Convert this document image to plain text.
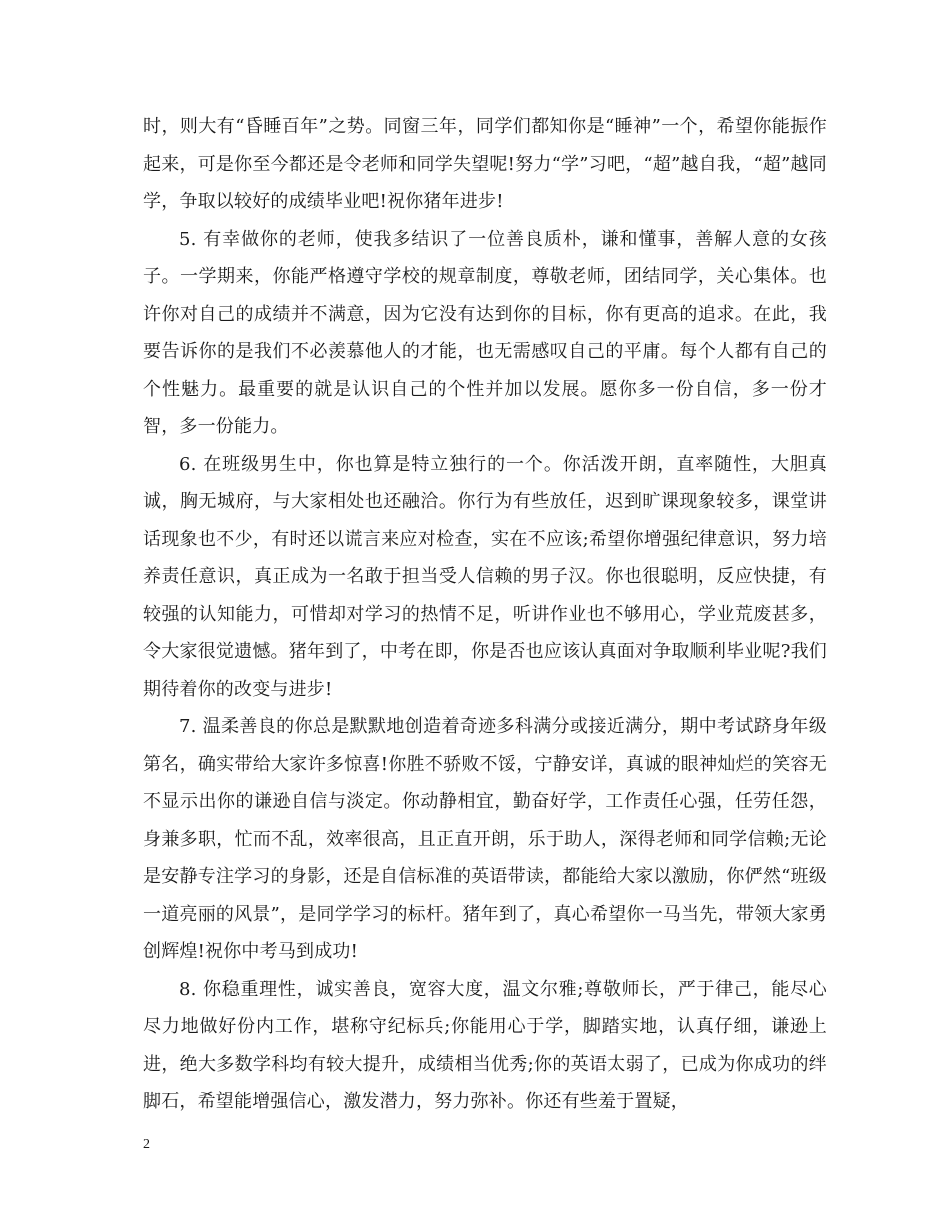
时，则大有“昏睡百年”之势。同窗三年，同学们都知你是“睡神”一个，希望你能振作起来，可是你至今都还是令老师和同学失望呢!努力“学”习吧，“超”越自我，“超”越同学，争取以较好的成绩毕业吧!祝你猪年进步!

5. 有幸做你的老师，使我多结识了一位善良质朴，谦和懂事，善解人意的女孩子。一学期来，你能严格遵守学校的规章制度，尊敬老师，团结同学，关心集体。也许你对自己的成绩并不满意，因为它没有达到你的目标，你有更高的追求。在此，我要告诉你的是我们不必羡慕他人的才能，也无需感叹自己的平庸。每个人都有自己的个性魅力。最重要的就是认识自己的个性并加以发展。愿你多一份自信，多一份才智，多一份能力。

6. 在班级男生中，你也算是特立独行的一个。你活泼开朗，直率随性，大胆真诚，胸无城府，与大家相处也还融洽。你行为有些放任，迟到旷课现象较多，课堂讲话现象也不少，有时还以谎言来应对检查，实在不应该;希望你增强纪律意识，努力培养责任意识，真正成为一名敢于担当受人信赖的男子汉。你也很聪明，反应快捷，有较强的认知能力，可惜却对学习的热情不足，听讲作业也不够用心，学业荒废甚多，令大家很觉遗憾。猪年到了，中考在即，你是否也应该认真面对争取顺利毕业呢?我们期待着你的改变与进步!

7. 温柔善良的你总是默默地创造着奇迹多科满分或接近满分，期中考试跻身年级第名，确实带给大家许多惊喜!你胜不骄败不馁，宁静安详，真诚的眼神灿烂的笑容无不显示出你的谦逊自信与淡定。你动静相宜，勤奋好学，工作责任心强，任劳任怨，身兼多职，忙而不乱，效率很高，且正直开朗，乐于助人，深得老师和同学信赖;无论是安静专注学习的身影，还是自信标准的英语带读，都能给大家以激励，你俨然“班级一道亮丽的风景”，是同学学习的标杆。猪年到了，真心希望你一马当先，带领大家勇创辉煌!祝你中考马到成功!

8. 你稳重理性，诚实善良，宽容大度，温文尔雅;尊敬师长，严于律己，能尽心尽力地做好份内工作，堪称守纪标兵;你能用心于学，脚踏实地，认真仔细，谦逊上进，绝大多数学科均有较大提升，成绩相当优秀;你的英语太弱了，已成为你成功的绊脚石，希望能增强信心，激发潜力，努力弥补。你还有些羞于置疑，

2
